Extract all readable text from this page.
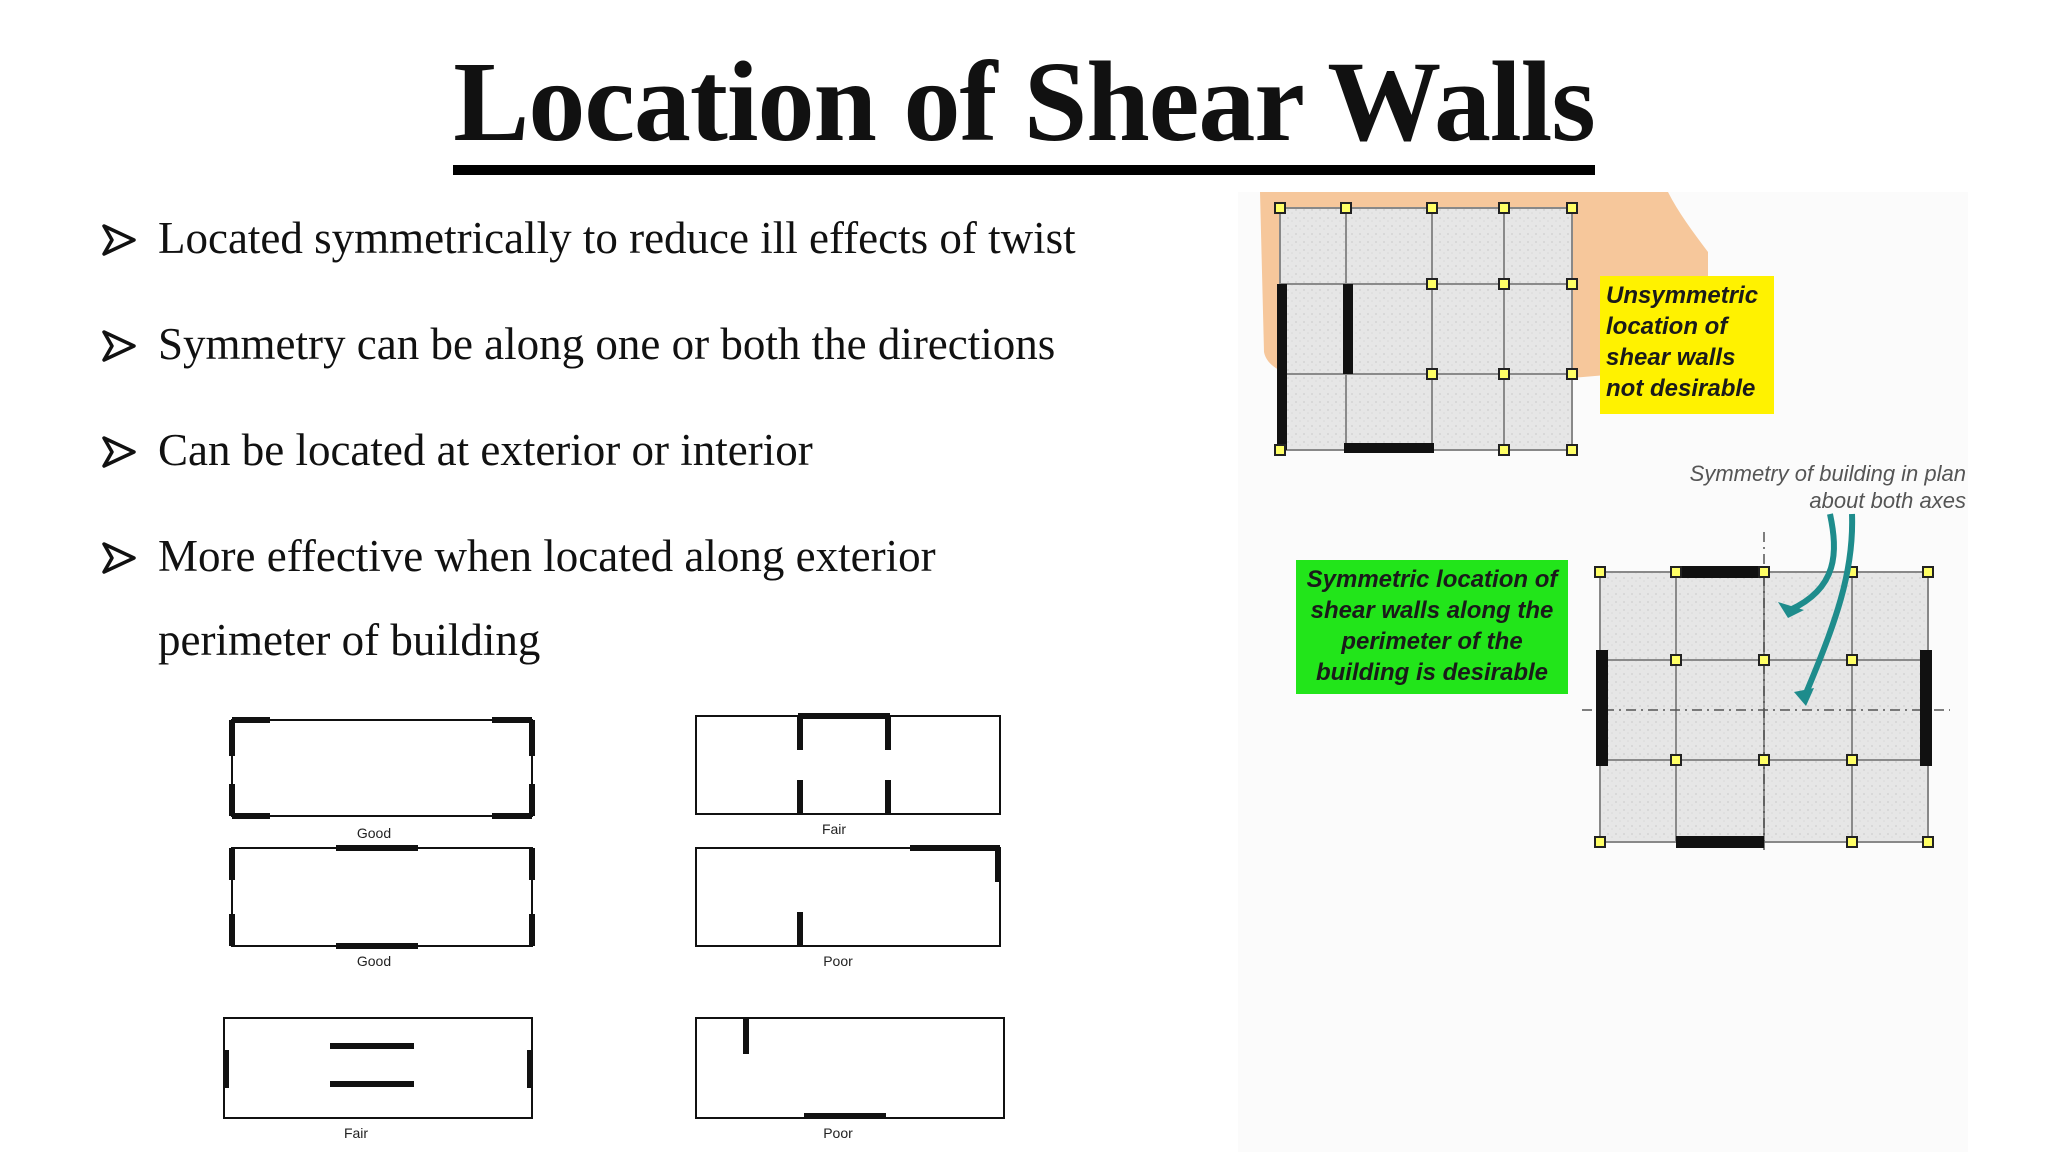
Location of Shear Walls
Located symmetrically to reduce ill effects of twist
Symmetry can be along one or both the directions
Can be located at exterior or interior
More effective when located along exterior
perimeter of building
Good	Fair
Good	Poor
Fair	Poor
Unsymmetric location of shear walls not desirable
Symmetric location of shear walls along the perimeter of the building is desirable
Symmetry of building in plan about both axes
